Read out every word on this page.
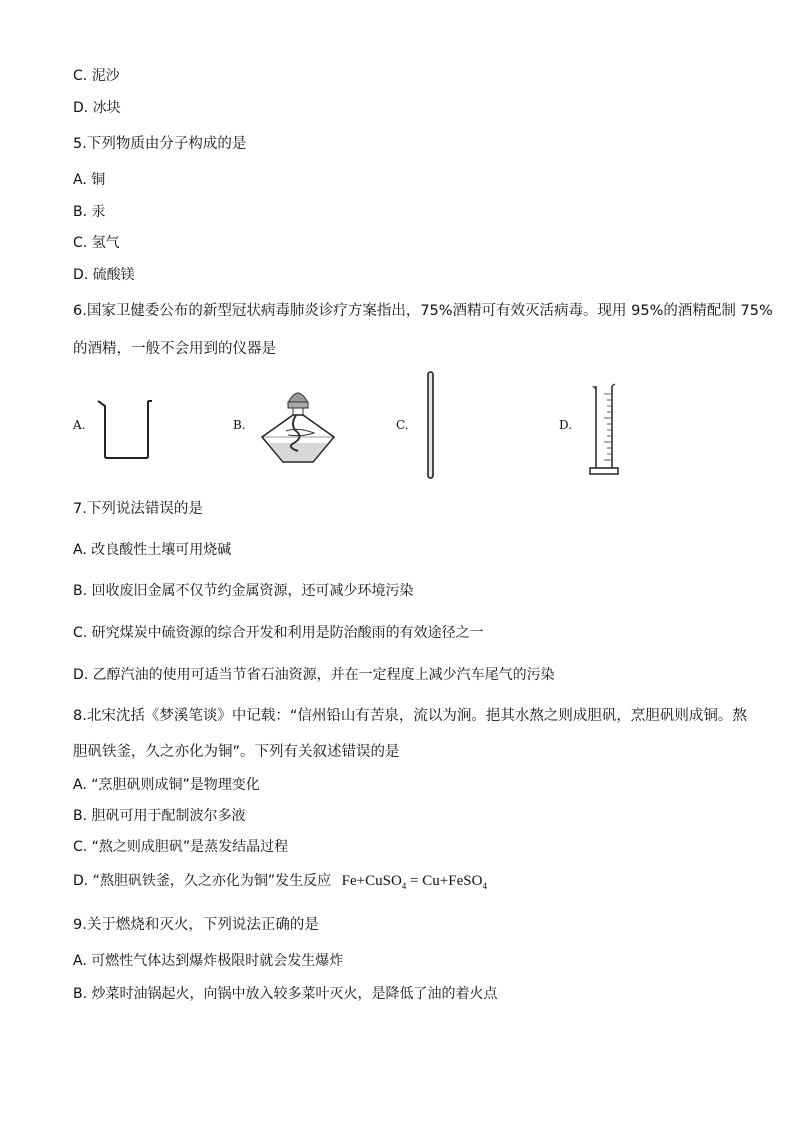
C. 泥沙
D. 冰块
5.下列物质由分子构成的是
A. 铜
B. 汞
C. 氢气
D. 硫酸镁
6.国家卫健委公布的新型冠状病毒肺炎诊疗方案指出，75%酒精可有效灭活病毒。现用 95%的酒精配制 75%
的酒精，一般不会用到的仪器是
A.	B.	C.	D.
7.下列说法错误的是
A. 改良酸性土壤可用烧碱
B. 回收废旧金属不仅节约金属资源，还可减少环境污染
C. 研究煤炭中硫资源的综合开发和利用是防治酸雨的有效途径之一
D. 乙醇汽油的使用可适当节省石油资源，并在一定程度上减少汽车尾气的污染
8.北宋沈括《梦溪笔谈》中记载：“信州铅山有苦泉，流以为涧。挹其水熬之则成胆矾，烹胆矾则成铜。熬
胆矾铁釜，久之亦化为铜”。下列有关叙述错误的是
A. “烹胆矾则成铜”是物理变化
B. 胆矾可用于配制波尔多液
C. “熬之则成胆矾”是蒸发结晶过程
D. “熬胆矾铁釜，久之亦化为铜”发生反应 Fe+CuSO$_4$ = Cu+FeSO$_4$
9.关于燃烧和灭火，下列说法正确的是
A. 可燃性气体达到爆炸极限时就会发生爆炸
B. 炒菜时油锅起火，向锅中放入较多菜叶灭火，是降低了油的着火点
